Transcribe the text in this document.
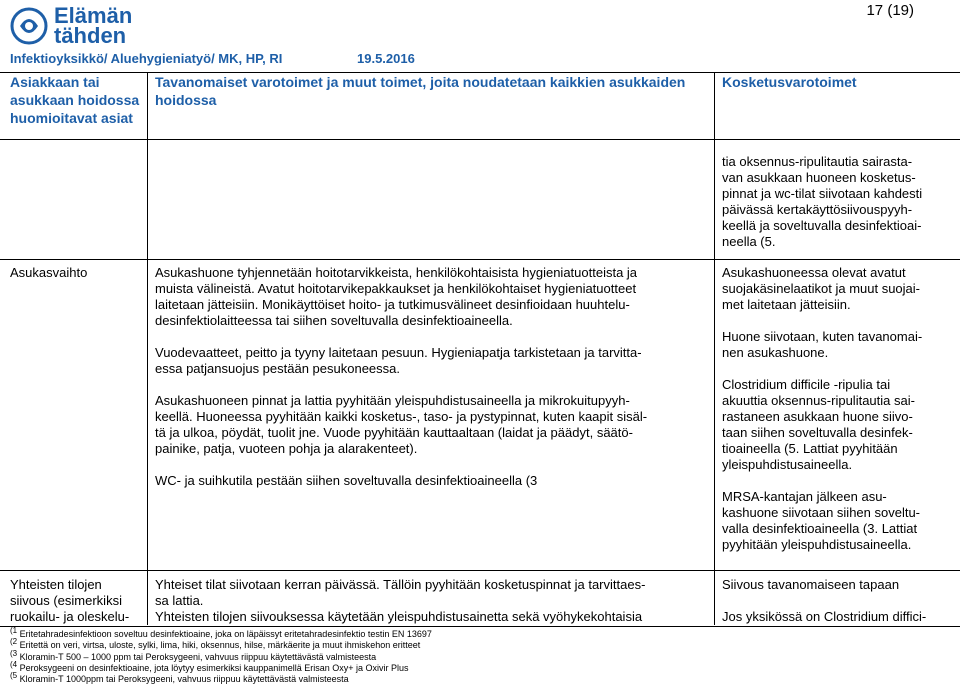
Elämän
tähden
17 (19)
Infektioyksikkö/ Aluehygieniatyö/ MK, HP, RI	19.5.2016
Asiakkaan tai asukkaan hoidossa huomioitavat asiat
Tavanomaiset varotoimet ja muut toimet, joita noudatetaan kaikkien asukkaiden hoidossa
Kosketusvarotoimet

tia oksennus-ripulitautia sairasta-

van asukkaan huoneen kosketus-

pinnat ja wc-tilat siivotaan kahdesti

päivässä kertakäyttösiivouspyyh-

keellä ja soveltuvalla desinfektioai-

neella (5.

Asukasvaihto	Asukashuone tyhjennetään hoitotarvikkeista, henkilökohtaisista hygieniatuotteista ja

muista välineistä. Avatut hoitotarvikepakkaukset ja henkilökohtaiset hygieniatuotteet

laitetaan jätteisiin. Monikäyttöiset hoito- ja tutkimusvälineet desinfioidaan huuhtelu-

desinfektiolaitteessa tai siihen soveltuvalla desinfektioaineella.

Vuodevaatteet, peitto ja tyyny laitetaan pesuun. Hygieniapatja tarkistetaan ja tarvitta-

essa patjansuojus pestään pesukoneessa.

Asukashuoneen pinnat ja lattia pyyhitään yleispuhdistusaineella ja mikrokuitupyyh-

keellä. Huoneessa pyyhitään kaikki kosketus-, taso- ja pystypinnat, kuten kaapit sisäl-

tä ja ulkoa, pöydät, tuolit jne. Vuode pyyhitään kauttaaltaan (laidat ja päädyt, säätö-

painike, patja, vuoteen pohja ja alarakenteet).

WC- ja suihkutila pestään siihen soveltuvalla desinfektioaineella (3

Asukashuoneessa olevat avatut

suojakäsinelaatikot ja muut suojai-

met laitetaan jätteisiin.

Huone siivotaan, kuten tavanomai-

nen asukashuone.

Clostridium difficile -ripulia tai

akuuttia oksennus-ripulitautia sai-

rastaneen asukkaan huone siivo-

taan siihen soveltuvalla desinfek-

tioaineella (5. Lattiat pyyhitään

yleispuhdistusaineella.

MRSA-kantajan jälkeen asu-

kashuone siivotaan siihen soveltu-

valla desinfektioaineella (3. Lattiat

pyyhitään yleispuhdistusaineella.

Yhteisten tilojen

siivous (esimerkiksi

ruokailu- ja oleskelu-

Yhteiset tilat siivotaan kerran päivässä. Tällöin pyyhitään kosketuspinnat ja tarvittaes-

sa lattia.

Yhteisten tilojen siivouksessa käytetään yleispuhdistusainetta sekä vyöhykekohtaisia

Siivous tavanomaiseen tapaan

Jos yksikössä on Clostridium diffici-

$^{(1}$ Eritetahradesinfektioon soveltuu desinfektioaine, joka on läpäissyt eritetahradesinfektio testin EN 13697
$^{(2}$ Eritettä on veri, virtsa, uloste, sylki, lima, hiki, oksennus, hilse, märkäerite ja muut ihmiskehon eritteet
$^{(3}$ Kloramin-T 500 – 1000 ppm tai Peroksygeeni, vahvuus riippuu käytettävästä valmisteesta
$^{(4}$ Peroksygeeni on desinfektioaine, jota löytyy esimerkiksi kauppanimellä Erisan Oxy+ ja Oxivir Plus
$^{(5}$ Kloramin-T 1000ppm tai Peroksygeeni, vahvuus riippuu käytettävästä valmisteesta
